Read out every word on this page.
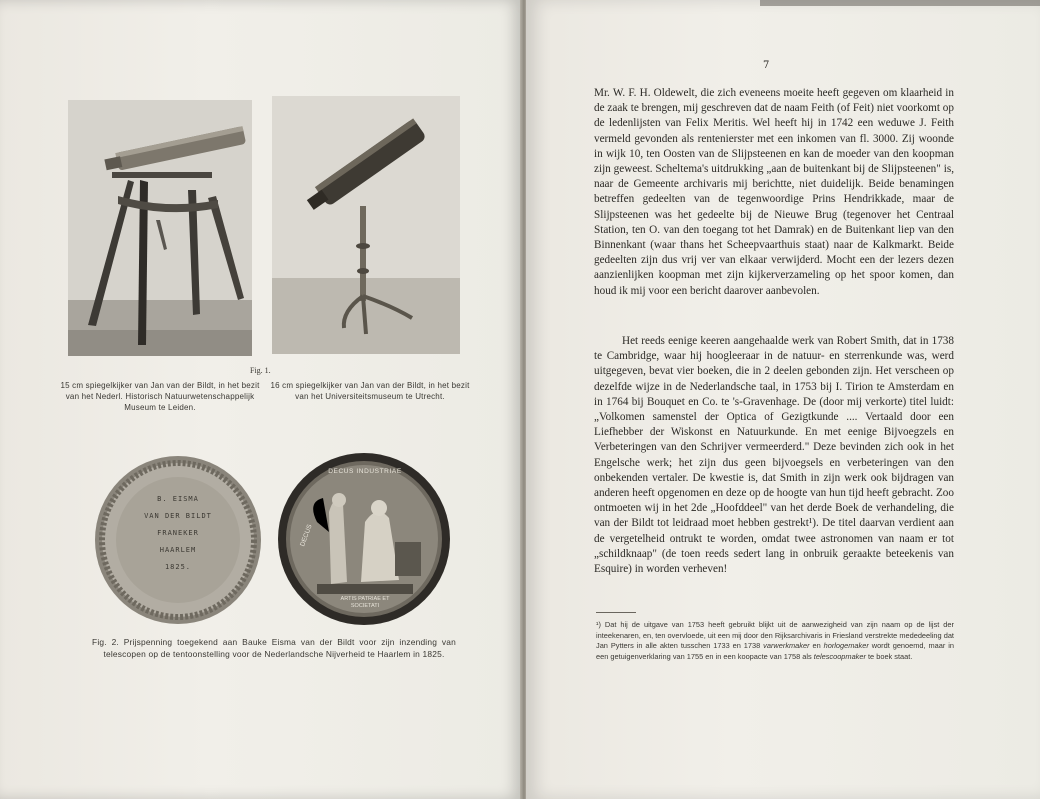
Fig. 1.
15 cm spiegelkijker van Jan van der Bildt, in het bezit van het Nederl. Historisch Natuurwetenschappelijk Museum te Leiden.
16 cm spiegelkijker van Jan van der Bildt, in het bezit van het Universiteitsmuseum te Utrecht.
B. EISMA
VAN DER BILDT
FRANEKER
HAARLEM
1825.
DECUS INDUSTRIAE
DECUS
ARTIS PATRIAE ET
SOCIETATI
Fig. 2. Prijspenning toegekend aan Bauke Eisma van der Bildt voor zijn inzending van telescopen op de tentoonstelling voor de Nederlandsche Nijverheid te Haarlem in 1825.
7

Mr. W. F. H. Oldewelt, die zich eveneens moeite heeft gegeven om klaarheid in de zaak te brengen, mij geschreven dat de naam Feith (of Feit) niet voorkomt op de ledenlijsten van Felix Meritis. Wel heeft hij in 1742 een weduwe J. Feith vermeld gevonden als rentenierster met een inkomen van fl. 3000. Zij woonde in wijk 10, ten Oosten van de Slijpsteenen en kan de moeder van den koopman zijn geweest. Scheltema's uitdrukking „aan de buitenkant bij de Slijpsteenen" is, naar de Gemeente archivaris mij berichtte, niet duidelijk. Beide benamingen betreffen gedeelten van de tegenwoordige Prins Hendrikkade, maar de Slijpsteenen was het gedeelte bij de Nieuwe Brug (tegenover het Centraal Station, ten O. van den toegang tot het Damrak) en de Buitenkant liep van den Binnenkant (waar thans het Scheepvaarthuis staat) naar de Kalkmarkt. Beide gedeelten zijn dus vrij ver van elkaar verwijderd. Mocht een der lezers dezen aanzienlijken koopman met zijn kijkerverzameling op het spoor komen, dan houd ik mij voor een bericht daarover aanbevolen.

Het reeds eenige keeren aangehaalde werk van Robert Smith, dat in 1738 te Cambridge, waar hij hoogleeraar in de natuur- en sterrenkunde was, werd uitgegeven, bevat vier boeken, die in 2 deelen gebonden zijn. Het verscheen op dezelfde wijze in de Nederlandsche taal, in 1753 bij I. Tirion te Amsterdam en in 1764 bij Bouquet en Co. te 's-Gravenhage. De (door mij verkorte) titel luidt: „Volkomen samenstel der Optica of Gezigtkunde .... Vertaald door een Liefhebber der Wiskonst en Natuurkunde. En met eenige Bijvoegzels en Verbeteringen van den Schrijver vermeerderd." Deze bevinden zich ook in het Engelsche werk; het zijn dus geen bijvoegsels en verbeteringen van den onbekenden vertaler. De kwestie is, dat Smith in zijn werk ook bijdragen van anderen heeft opgenomen en deze op de hoogte van hun tijd heeft gebracht. Zoo ontmoeten wij in het 2de „Hoofddeel" van het derde Boek de verhandeling, die van der Bildt tot leidraad moet hebben gestrekt¹). De titel daarvan verdient aan de vergetelheid ontrukt te worden, omdat twee astronomen van naam er tot „schildknaap" (de toen reeds sedert lang in onbruik geraakte beteekenis van Esquire) in worden verheven!

¹) Dat hij de uitgave van 1753 heeft gebruikt blijkt uit de aanwezigheid van zijn naam op de lijst der inteekenaren, en, ten overvloede, uit een mij door den Rijksarchivaris in Friesland verstrekte mededeeling dat Jan Pytters in alle akten tusschen 1733 en 1738 varwerkmaker en horlogemaker wordt genoemd, maar in een getuigenverklaring van 1755 en in een koopacte van 1758 als telescoopmaker te boek staat.
